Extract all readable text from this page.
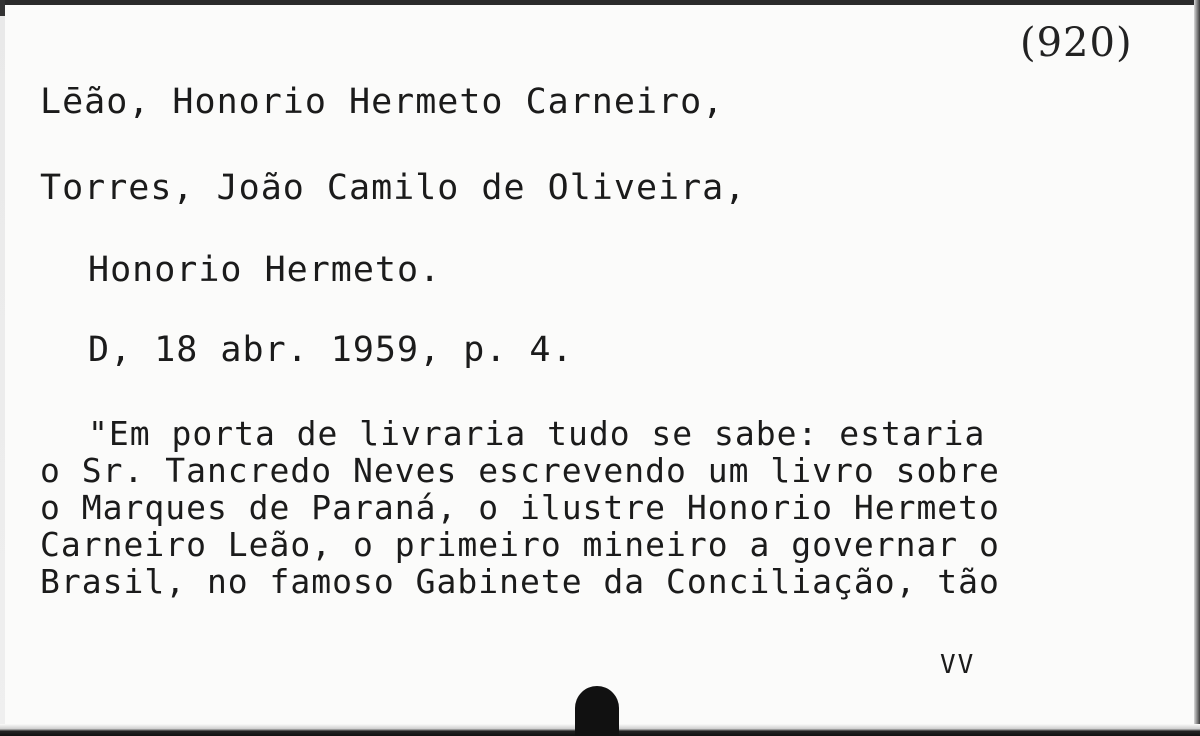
(920)
Lēão, Honorio Hermeto Carneiro,
Torres, João Camilo de Oliveira,
Honorio Hermeto.
D, 18 abr. 1959, p. 4.
"Em porta de livraria tudo se sabe: estaria
o Sr. Tancredo Neves escrevendo um livro sobre
o Marques de Paraná, o ilustre Honorio Hermeto
Carneiro Leão, o primeiro mineiro a governar o
Brasil, no famoso Gabinete da Conciliação, tão
VV
